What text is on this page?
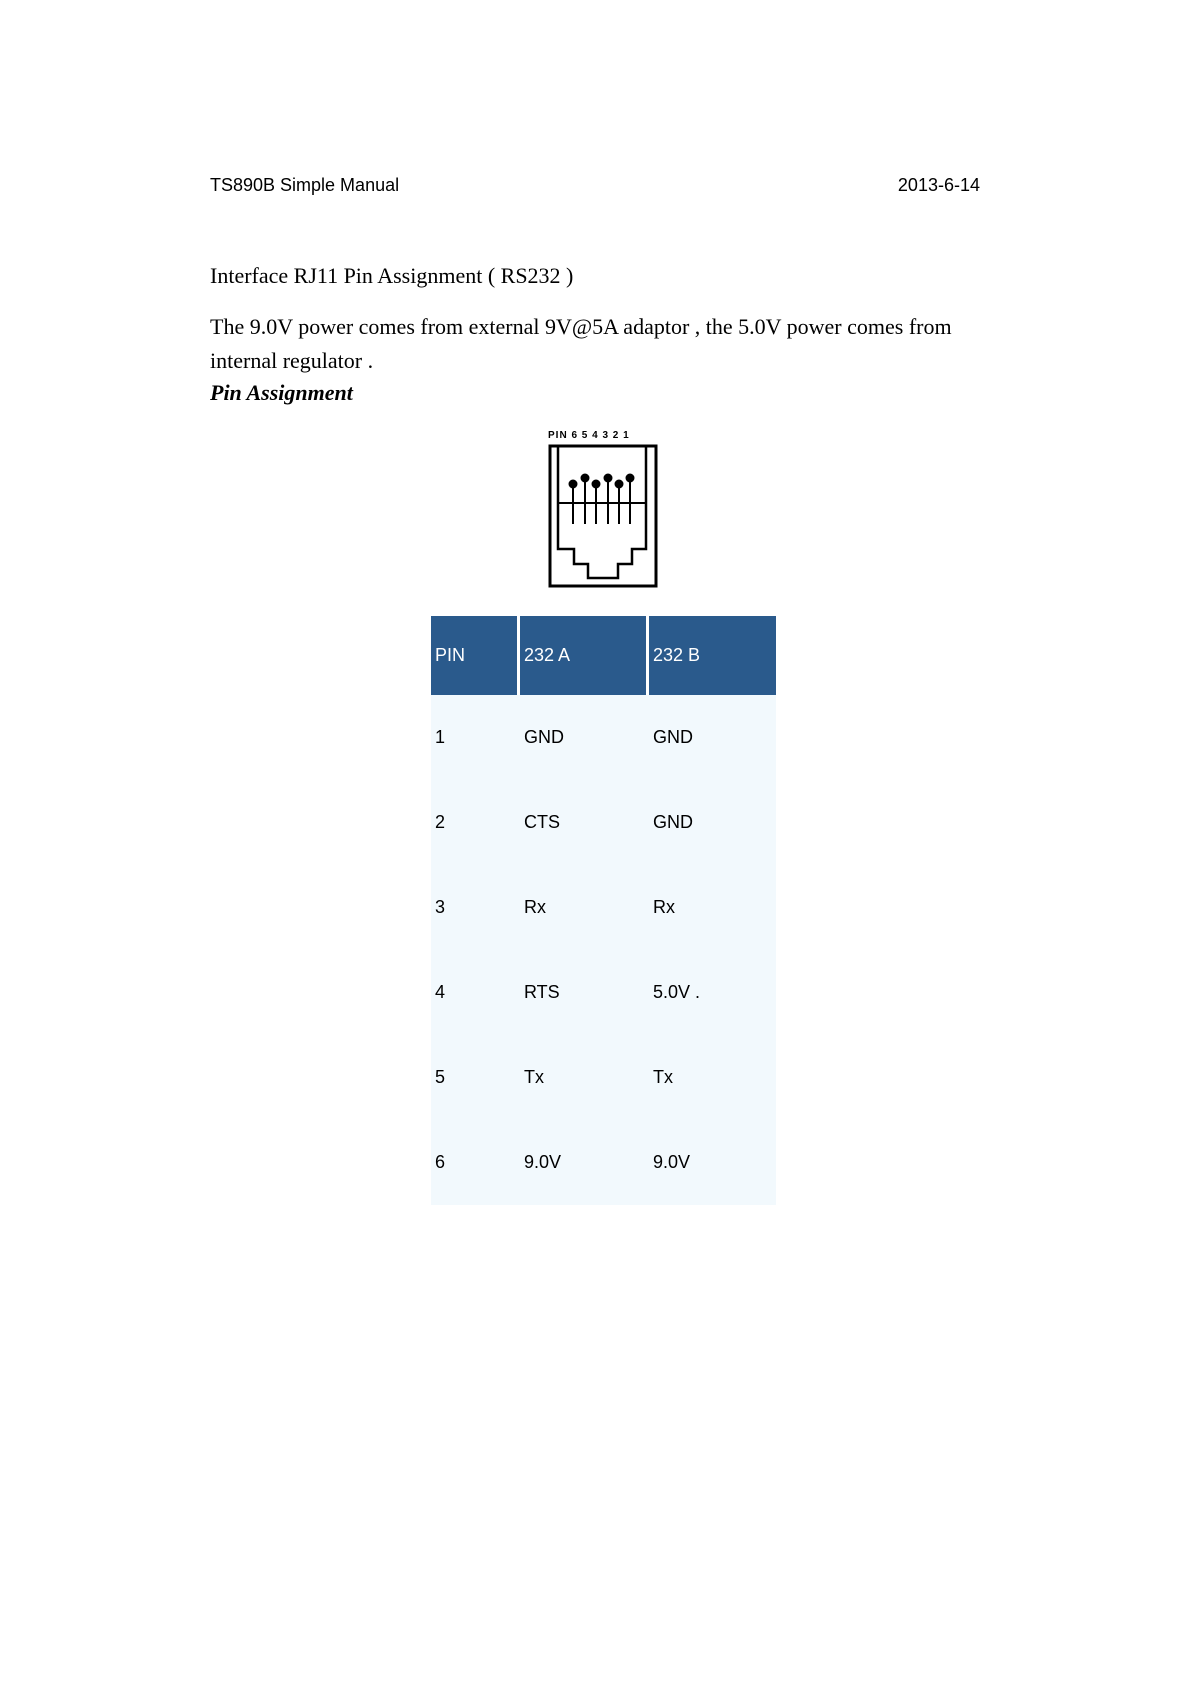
TS890B Simple Manual	2013-6-14
Interface RJ11 Pin Assignment ( RS232 )
The 9.0V power comes from external 9V@5A adaptor , the 5.0V power comes from internal regulator .
Pin Assignment
PIN 6 5 4 3 2 1
PIN	232 A	232 B
1	GND	GND
2	CTS	GND
3	Rx	Rx
4	RTS	5.0V .
5	Tx	Tx
6	9.0V	9.0V
